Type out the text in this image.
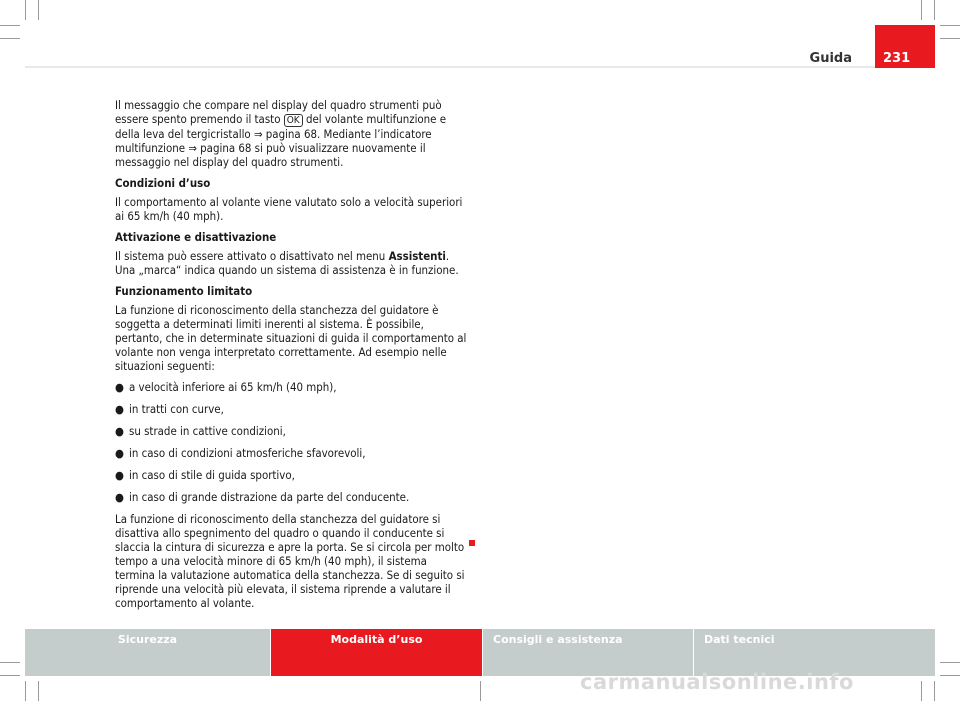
Guida 231

Il messaggio che compare nel display del quadro strumenti può essere spento premendo il tasto OK del volante multifunzione e della leva del tergicristallo ⇒ pagina 68. Mediante l’indicatore multifunzione ⇒ pagina 68 si può visualizzare nuovamente il messaggio nel display del quadro strumenti.

Condizioni d’uso

Il comportamento al volante viene valutato solo a velocità superiori ai 65 km/h (40 mph).

Attivazione e disattivazione

Il sistema può essere attivato o disattivato nel menu Assistenti. Una „marca“ indica quando un sistema di assistenza è in funzione.

Funzionamento limitato

La funzione di riconoscimento della stanchezza del guidatore è soggetta a determinati limiti inerenti al sistema. È possibile, pertanto, che in determinate situazioni di guida il comportamento al volante non venga interpretato correttamente. Ad esempio nelle situazioni seguenti:

● a velocità inferiore ai 65 km/h (40 mph),
● in tratti con curve,
● su strade in cattive condizioni,
● in caso di condizioni atmosferiche sfavorevoli,
● in caso di stile di guida sportivo,
● in caso di grande distrazione da parte del conducente.

La funzione di riconoscimento della stanchezza del guidatore si disattiva allo spegnimento del quadro o quando il conducente si slaccia la cintura di sicurezza e apre la porta. Se si circola per molto tempo a una velocità minore di 65 km/h (40 mph), il sistema termina la valutazione automatica della stanchezza. Se di seguito si riprende una velocità più elevata, il sistema riprende a valutare il comportamento al volante.

Sicurezza	Modalità d’uso	Consigli e assistenza	Dati tecnici
carmanualsonline.info
